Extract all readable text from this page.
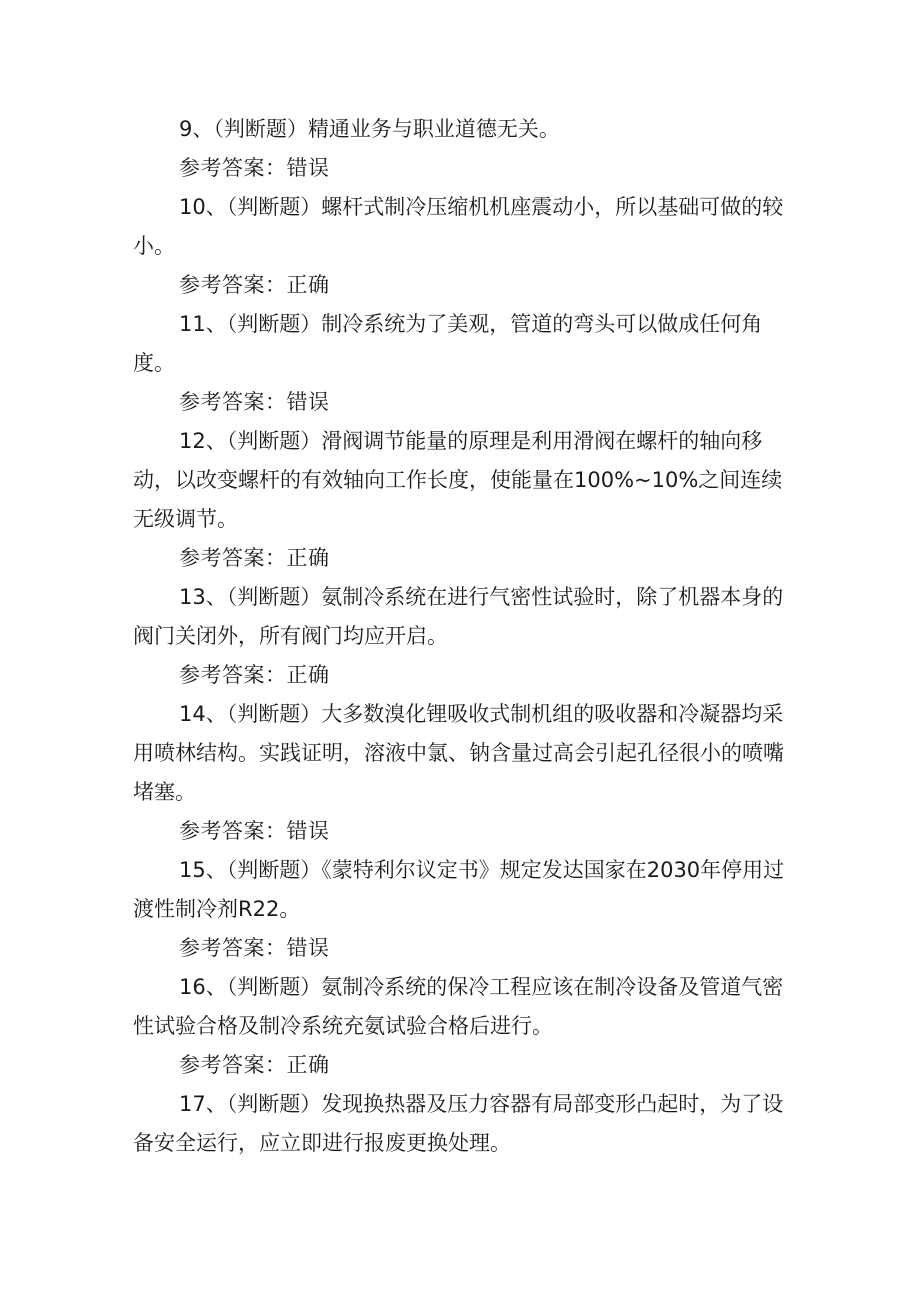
9、（判断题）精通业务与职业道德无关。

参考答案：错误

10、（判断题）螺杆式制冷压缩机机座震动小，所以基础可做的较小。

参考答案：正确

11、（判断题）制冷系统为了美观，管道的弯头可以做成任何角度。

参考答案：错误

12、（判断题）滑阀调节能量的原理是利用滑阀在螺杆的轴向移动，以改变螺杆的有效轴向工作长度，使能量在100%~10%之间连续无级调节。

参考答案：正确

13、（判断题）氨制冷系统在进行气密性试验时，除了机器本身的阀门关闭外，所有阀门均应开启。

参考答案：正确

14、（判断题）大多数溴化锂吸收式制机组的吸收器和冷凝器均采用喷林结构。实践证明，溶液中氯、钠含量过高会引起孔径很小的喷嘴堵塞。

参考答案：错误

15、（判断题）《蒙特利尔议定书》规定发达国家在2030年停用过渡性制冷剂R22。

参考答案：错误

16、（判断题）氨制冷系统的保冷工程应该在制冷设备及管道气密性试验合格及制冷系统充氨试验合格后进行。

参考答案：正确

17、（判断题）发现换热器及压力容器有局部变形凸起时，为了设备安全运行，应立即进行报废更换处理。
